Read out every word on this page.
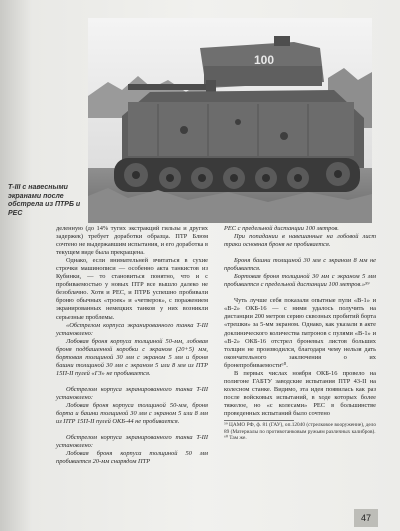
100
Т-III с навесными экранами после обстрела из ПТРБ и РЕС

деленную (до 14% тугих экстракций гильзы и других задержек) требует доработки образца. ПТР Блюм сочтено не выдержавшим испытания, и его доработка в текущем виде была прекращена.

Однако, если внимательней вчитаться в сухие строчки машинописи — особенно акта танкистов из Кубинки, — то становиться понятно, что и с пробиваемостью у новых ПТР все вышло далеко не безоблачно. Хотя и РЕС, и ПТРБ успешно пробивали броню обычных «троек» и «четверок», с поражением экранированных немецких танков у них возникли серьезные проблемы.

«Обстрелом корпуса экранированного танка T-III установлено:

Лобовая броня корпуса толщиной 50-мм, лобовая броня подбашенной коробки с экраном (20+5) мм, бортовая толщиной 30 мм с экраном 5 мм и броня башни толщиной 30 мм с экраном 5 или 8 мм из ПТР 15П-II пулей «ГЗ» не пробивается.

Обстрелом корпуса экранированного танка T-III установлено:

Лобовая броня корпуса толщиной 50-мм, броня борта и башни толщиной 30 мм с экраном 5 или 8 мм из ПТР 15П-II пулей ОКБ-44 не пробивается.

Обстрелом корпуса экранированного танка T-III установлено:

Лобовая броня корпуса толщиной 50 мм пробивается 20-мм снарядом ПТР

РЕС с предельной дистанции 100 метров.

При попадании в навешанные на лобовой лист траки основная броня не пробивается.

Броня башни толщиной 30 мм с экраном 8 мм не пробивается.

Бортовая броня толщиной 30 мм с экраном 5 мм пробивается с предельной дистанции 100 метров.»⁵⁹

Чуть лучше себя показали опытные пули «В-1» и «В-2» ОКБ-16 — с ними удалось получить на дистанции 200 метров серию сквозных пробитий борта «трешки» за 5-мм экраном. Однако, как указали в акте доклинического количества патронов с пулями «В-1» и «В-2» ОКБ-16 отстрел броневых листов больших толщин не производился, благодаря чему нельзя дать окончательного заключения о их бронепробиваемости⁶⁰.

В первых числах ноября ОКБ-16 провело на полигоне ГАБТУ заводские испытания ПТР 43-II на колесном станке. Видимо, эта идея появилась как раз после войсковых испытаний, в ходе которых более тяжелое, но «с колесами» РЕС в большинстве проведенных испытаний было сочтено

⁵⁹ ЦАМО РФ, ф. 81 (ГАУ), оп.12040 (стрелковое вооружение), дело 89 (Материалы по противотанковым ружьям различных калибров).

⁶⁰ Там же.

47
